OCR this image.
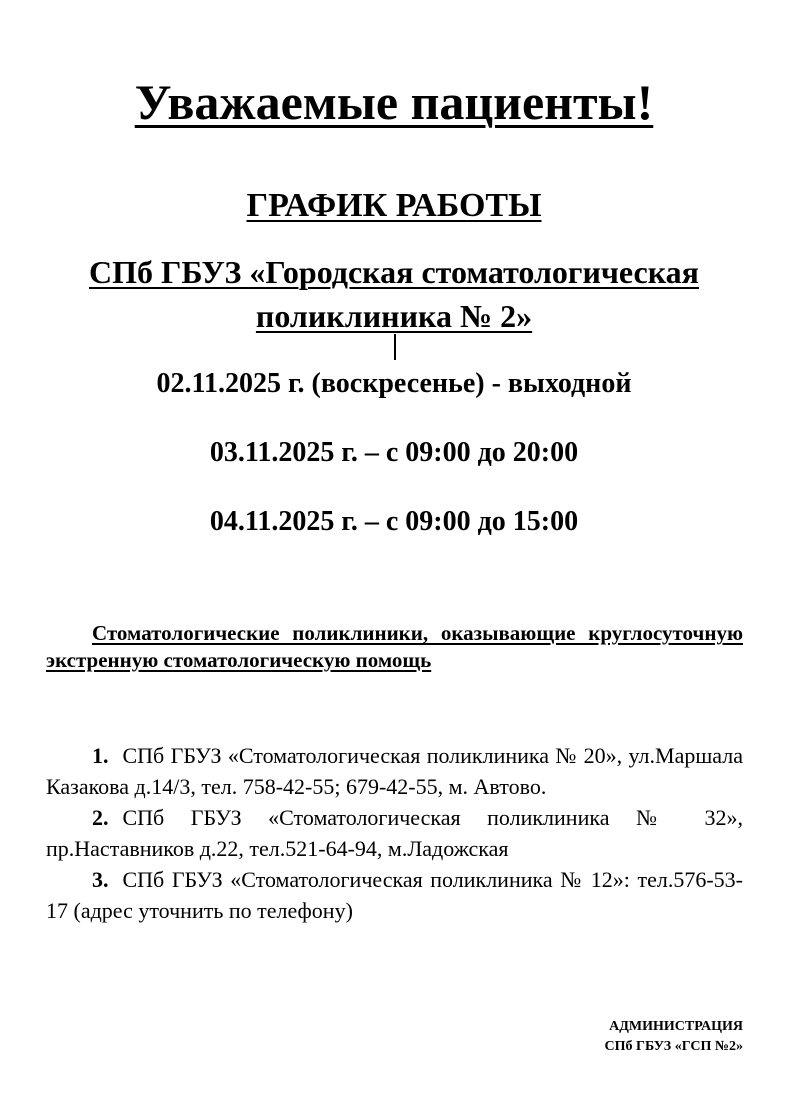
Уважаемые пациенты!
ГРАФИК РАБОТЫ
СПб ГБУЗ «Городская стоматологическая поликлиника № 2»
02.11.2025 г. (воскресенье) - выходной
03.11.2025 г. – с 09:00 до 20:00
04.11.2025 г. – с 09:00 до 15:00
Стоматологические поликлиники, оказывающие круглосуточную экстренную стоматологическую помощь
1. СПб ГБУЗ «Стоматологическая поликлиника № 20», ул.Маршала Казакова д.14/3, тел. 758-42-55; 679-42-55, м. Автово.
2. СПб ГБУЗ «Стоматологическая поликлиника № 32», пр.Наставников д.22, тел.521-64-94, м.Ладожская
3. СПб ГБУЗ «Стоматологическая поликлиника № 12»: тел.576-53-17 (адрес уточнить по телефону)
АДМИНИСТРАЦИЯ
СПб ГБУЗ «ГСП №2»
